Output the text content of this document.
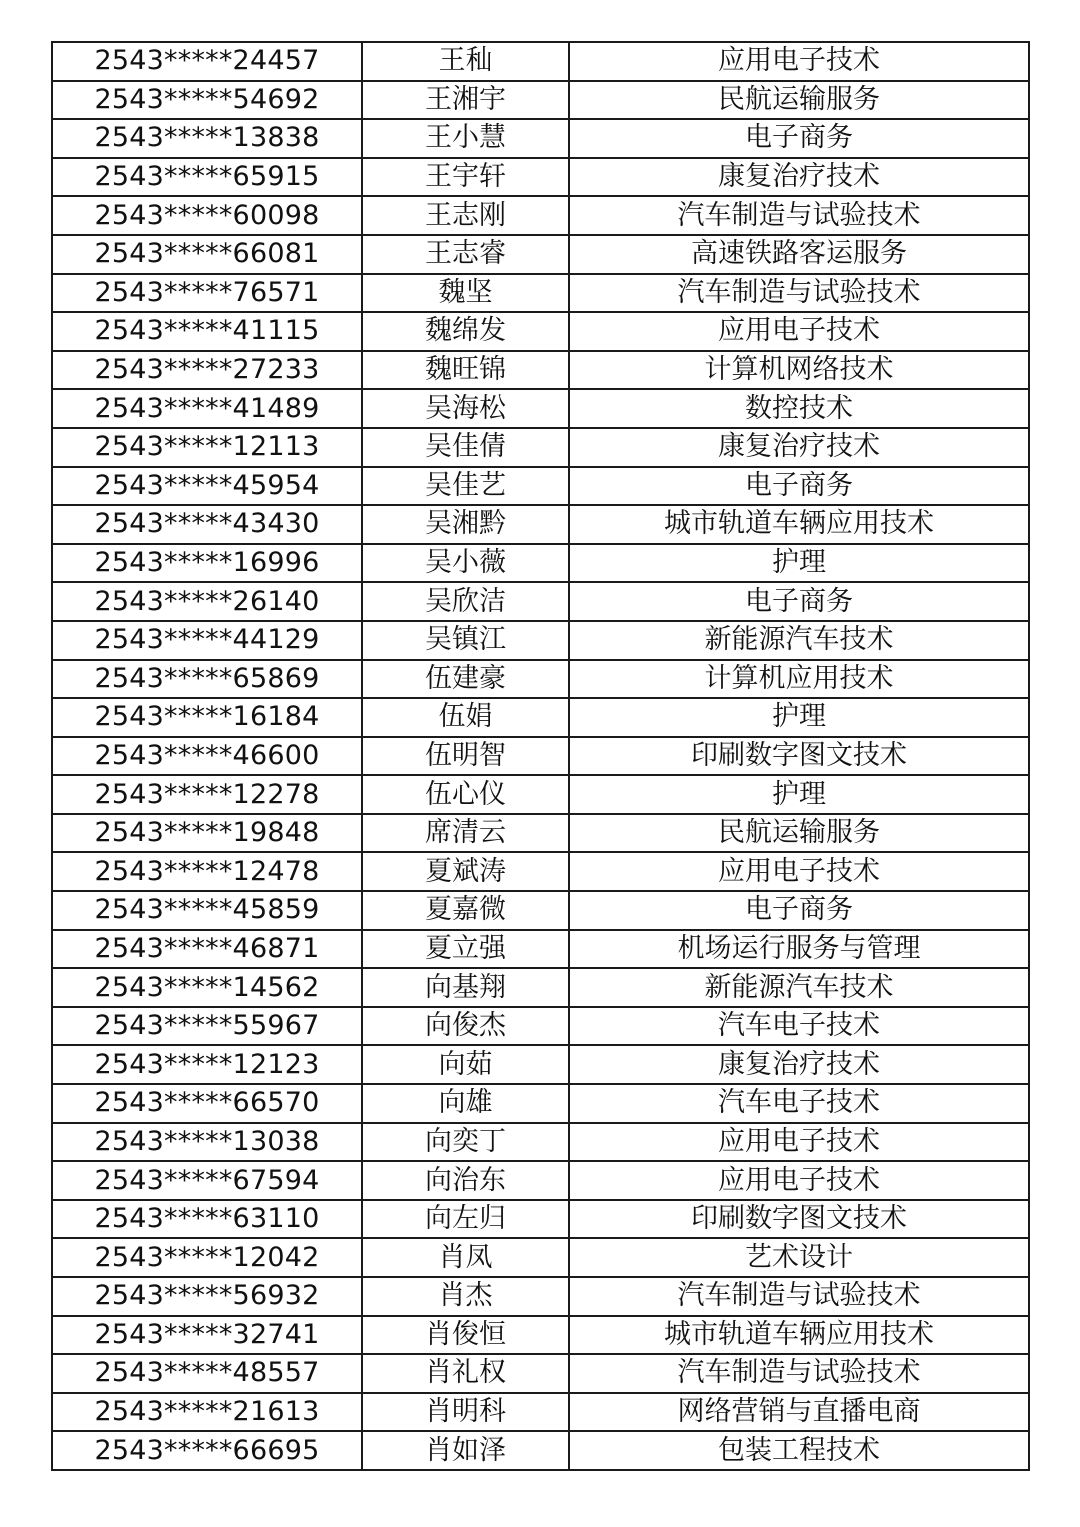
2543*****24457	王秈	应用电子技术
2543*****54692	王湘宇	民航运输服务
2543*****13838	王小慧	电子商务
2543*****65915	王宇轩	康复治疗技术
2543*****60098	王志刚	汽车制造与试验技术
2543*****66081	王志睿	高速铁路客运服务
2543*****76571	魏坚	汽车制造与试验技术
2543*****41115	魏绵发	应用电子技术
2543*****27233	魏旺锦	计算机网络技术
2543*****41489	吴海松	数控技术
2543*****12113	吴佳倩	康复治疗技术
2543*****45954	吴佳艺	电子商务
2543*****43430	吴湘黔	城市轨道车辆应用技术
2543*****16996	吴小薇	护理
2543*****26140	吴欣洁	电子商务
2543*****44129	吴镇江	新能源汽车技术
2543*****65869	伍建豪	计算机应用技术
2543*****16184	伍娟	护理
2543*****46600	伍明智	印刷数字图文技术
2543*****12278	伍心仪	护理
2543*****19848	席清云	民航运输服务
2543*****12478	夏斌涛	应用电子技术
2543*****45859	夏嘉微	电子商务
2543*****46871	夏立强	机场运行服务与管理
2543*****14562	向基翔	新能源汽车技术
2543*****55967	向俊杰	汽车电子技术
2543*****12123	向茹	康复治疗技术
2543*****66570	向雄	汽车电子技术
2543*****13038	向奕丁	应用电子技术
2543*****67594	向治东	应用电子技术
2543*****63110	向左归	印刷数字图文技术
2543*****12042	肖凤	艺术设计
2543*****56932	肖杰	汽车制造与试验技术
2543*****32741	肖俊恒	城市轨道车辆应用技术
2543*****48557	肖礼权	汽车制造与试验技术
2543*****21613	肖明科	网络营销与直播电商
2543*****66695	肖如泽	包装工程技术
